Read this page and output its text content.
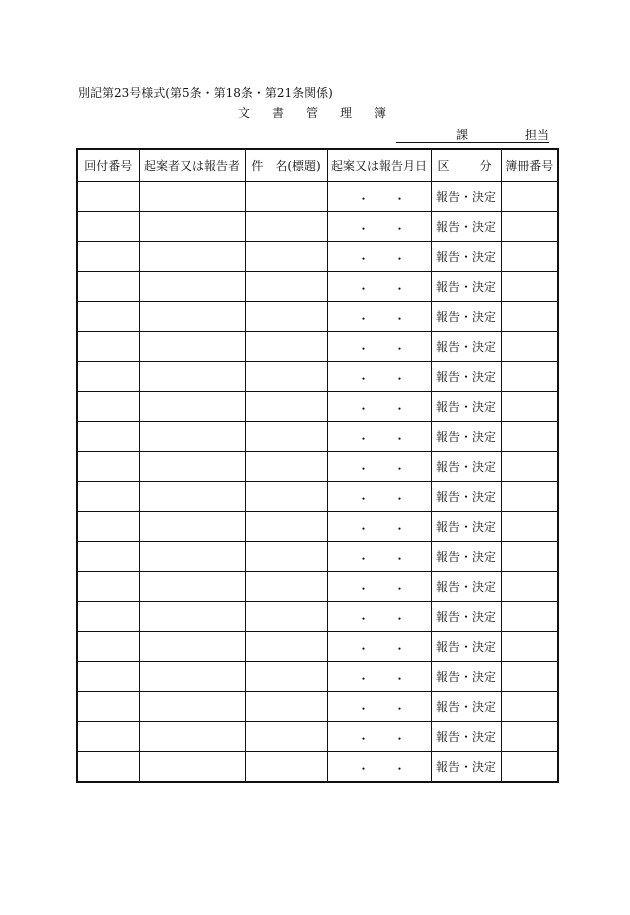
別記第23号様式(第5条・第18条・第21条関係)
文 書 管 理 簿
課	担当
回付番号	起案者又は報告者	件　名(標題)	起案又は報告月日	区 分	簿冊番号

			・ ・	報告・決定	

			・ ・	報告・決定	

			・ ・	報告・決定	

			・ ・	報告・決定	

			・ ・	報告・決定	

			・ ・	報告・決定	

			・ ・	報告・決定	

			・ ・	報告・決定	

			・ ・	報告・決定	

			・ ・	報告・決定	

			・ ・	報告・決定	

			・ ・	報告・決定	

			・ ・	報告・決定	

			・ ・	報告・決定	

			・ ・	報告・決定	

			・ ・	報告・決定	

			・ ・	報告・決定	

			・ ・	報告・決定	

			・ ・	報告・決定	

			・ ・	報告・決定	
